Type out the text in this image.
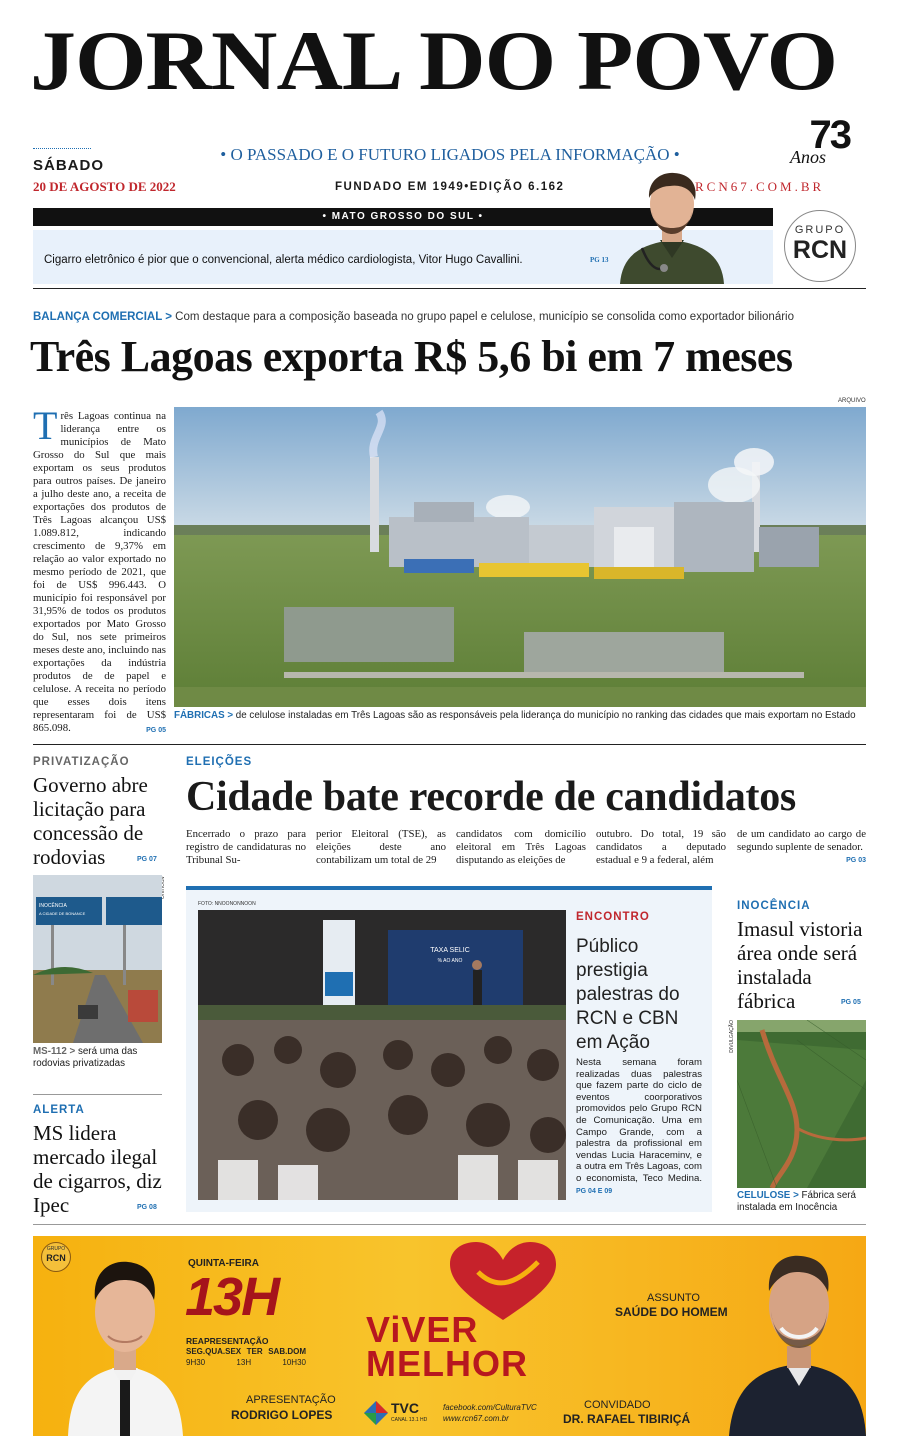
JORNAL DO POVO
• O PASSADO E O FUTURO LIGADOS PELA INFORMAÇÃO •
SÁBADO
20 DE AGOSTO DE 2022	FUNDADO EM 1949•EDIÇÃO 6.162	RCN67.COM.BR
73
Anos
• MATO GROSSO DO SUL •
Cigarro eletrônico é pior que o convencional, alerta médico cardiologista, Vitor Hugo Cavallini.	PG 13
GRUPO
RCN
BALANÇA COMERCIAL > Com destaque para a composição baseada no grupo papel e celulose, município se consolida como exportador bilionário
Três Lagoas exporta R$ 5,6 bi em 7 meses
Três Lagoas continua na liderança entre os municípios de Mato Grosso do Sul que mais exportam os seus produtos para outros países. De janeiro a julho deste ano, a receita de exportações dos produtos de Três Lagoas alcançou US$ 1.089.812, indicando crescimento de 9,37% em relação ao valor exportado no mesmo período de 2021, que foi de US$ 996.443. O município foi responsável por 31,95% de todos os produtos exportados por Mato Grosso do Sul, nos sete primeiros meses deste ano, incluindo nas exportações da indústria produtos de de papel e celulose. A receita no período que esses dois itens representaram foi de US$ 865.098.	PG 05
ARQUIVO
FÁBRICAS > de celulose instaladas em Três Lagoas são as responsáveis pela liderança do município no ranking das cidades que mais exportam no Estado
PRIVATIZAÇÃO
Governo abre licitação para concessão de rodovias	PG 07
INOCÊNCIA
A CIDADE DE BONANCE
MS-112 > será uma das rodovias privatizadas
ALERTA
MS lidera mercado ilegal de cigarros, diz Ipec	PG 08
ELEIÇÕES
Cidade bate recorde de candidatos
Encerrado o prazo para registro de candidaturas no Tribunal Su-
perior Eleitoral (TSE), as eleições deste ano contabilizam um total de 29
candidatos com domicílio eleitoral em Três Lagoas disputando as eleições de
outubro. Do total, 19 são candidatos a deputado estadual e 9 a federal, além
de um candidato ao cargo de segundo suplente de senador.
PG 03
FOTO: NNOONONNOON
TAXA SELIC
% AO ANO
ENCONTRO
Público prestigia palestras do RCN e CBN em Ação
Nesta semana foram realizadas duas palestras que fazem parte do ciclo de eventos coorporativos promovidos pelo Grupo RCN de Comunicação. Uma em Campo Grande, com a palestra da profissional em vendas Lucia Haraceminv, e a outra em Três Lagoas, com o economista, Teco Medina. PG 04 E 09
INOCÊNCIA
Imasul vistoria área onde será instalada fábrica	PG 05
DIVULGAÇÃO
CELULOSE > Fábrica será instalada em Inocência
GRUPO
RCN	QUINTA-FEIRA
13H
REAPRESENTAÇÃO
SEG.QUA.SEX TER SAB.DOM
9H30	13H	10H30
ViVER
MELHOR
ASSUNTO
SAÚDE DO HOMEM
APRESENTAÇÃO
RODRIGO LOPES	TVC
CANAL 13.1 HD
facebook.com/CulturaTVC
www.rcn67.com.br
CONVIDADO
DR. RAFAEL TIBIRIÇÁ
